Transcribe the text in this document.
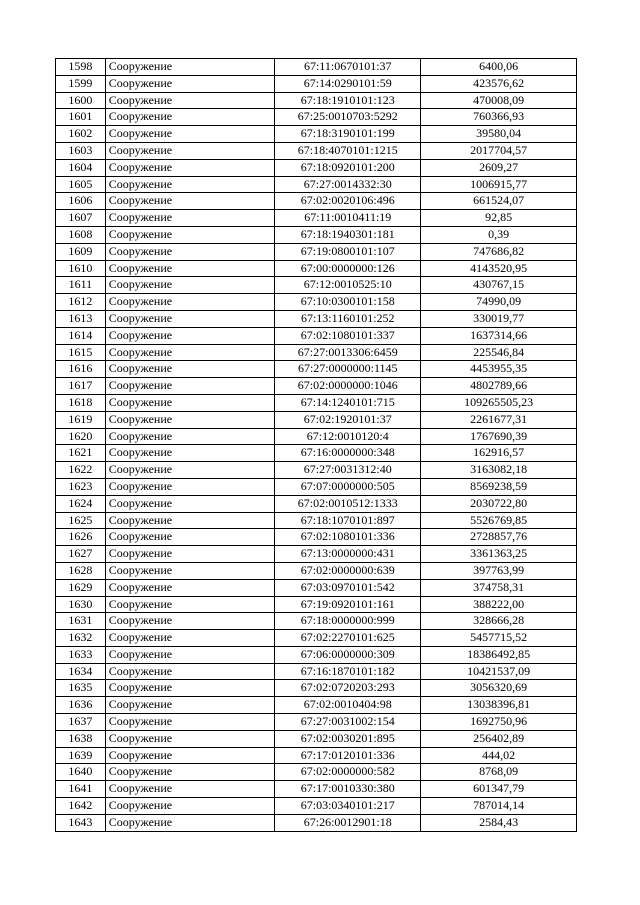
1598	Сооружение	67:11:0670101:37	6400,06
1599	Сооружение	67:14:0290101:59	423576,62
1600	Сооружение	67:18:1910101:123	470008,09
1601	Сооружение	67:25:0010703:5292	760366,93
1602	Сооружение	67:18:3190101:199	39580,04
1603	Сооружение	67:18:4070101:1215	2017704,57
1604	Сооружение	67:18:0920101:200	2609,27
1605	Сооружение	67:27:0014332:30	1006915,77
1606	Сооружение	67:02:0020106:496	661524,07
1607	Сооружение	67:11:0010411:19	92,85
1608	Сооружение	67:18:1940301:181	0,39
1609	Сооружение	67:19:0800101:107	747686,82
1610	Сооружение	67:00:0000000:126	4143520,95
1611	Сооружение	67:12:0010525:10	430767,15
1612	Сооружение	67:10:0300101:158	74990,09
1613	Сооружение	67:13:1160101:252	330019,77
1614	Сооружение	67:02:1080101:337	1637314,66
1615	Сооружение	67:27:0013306:6459	225546,84
1616	Сооружение	67:27:0000000:1145	4453955,35
1617	Сооружение	67:02:0000000:1046	4802789,66
1618	Сооружение	67:14:1240101:715	109265505,23
1619	Сооружение	67:02:1920101:37	2261677,31
1620	Сооружение	67:12:0010120:4	1767690,39
1621	Сооружение	67:16:0000000:348	162916,57
1622	Сооружение	67:27:0031312:40	3163082,18
1623	Сооружение	67:07:0000000:505	8569238,59
1624	Сооружение	67:02:0010512:1333	2030722,80
1625	Сооружение	67:18:1070101:897	5526769,85
1626	Сооружение	67:02:1080101:336	2728857,76
1627	Сооружение	67:13:0000000:431	3361363,25
1628	Сооружение	67:02:0000000:639	397763,99
1629	Сооружение	67:03:0970101:542	374758,31
1630	Сооружение	67:19:0920101:161	388222,00
1631	Сооружение	67:18:0000000:999	328666,28
1632	Сооружение	67:02:2270101:625	5457715,52
1633	Сооружение	67:06:0000000:309	18386492,85
1634	Сооружение	67:16:1870101:182	10421537,09
1635	Сооружение	67:02:0720203:293	3056320,69
1636	Сооружение	67:02:0010404:98	13038396,81
1637	Сооружение	67:27:0031002:154	1692750,96
1638	Сооружение	67:02:0030201:895	256402,89
1639	Сооружение	67:17:0120101:336	444,02
1640	Сооружение	67:02:0000000:582	8768,09
1641	Сооружение	67:17:0010330:380	601347,79
1642	Сооружение	67:03:0340101:217	787014,14
1643	Сооружение	67:26:0012901:18	2584,43
